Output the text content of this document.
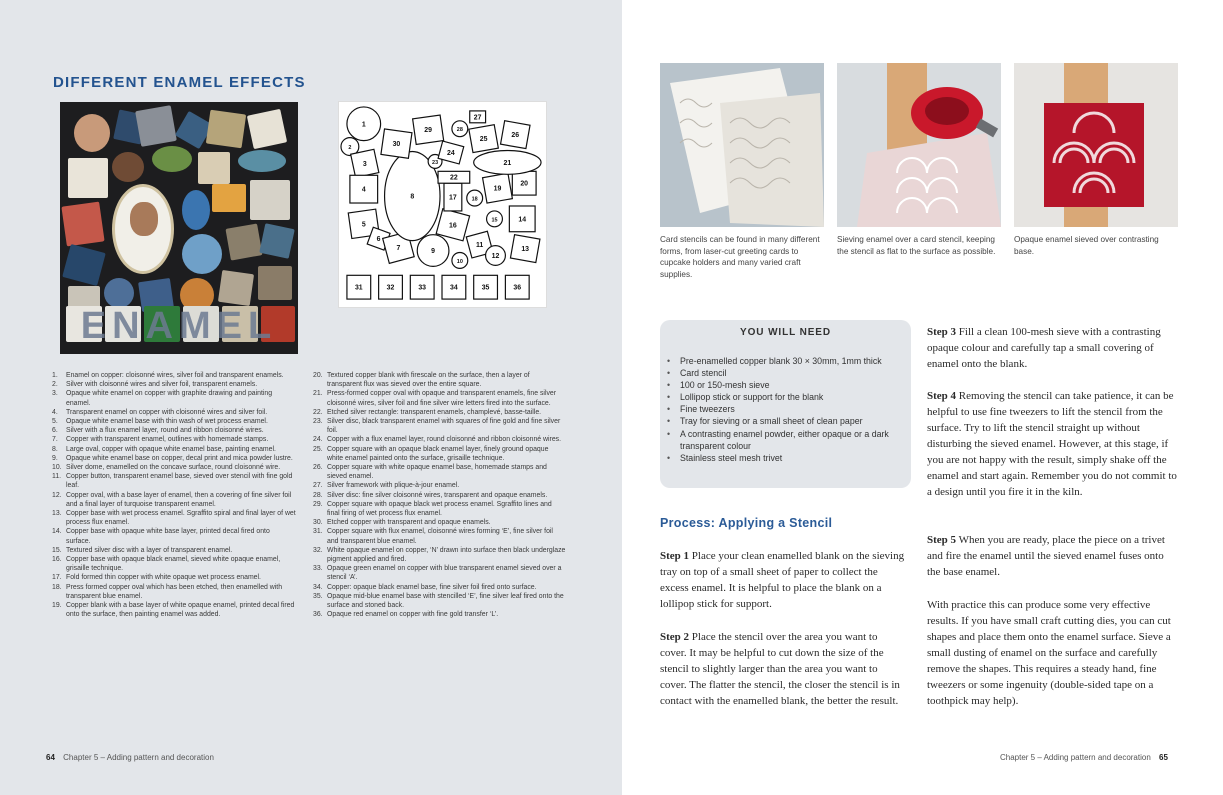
DIFFERENT ENAMEL EFFECTS
ENAMEL
1
2
3
4
5
6
7
8
9
10
11
12
13
14
15
16
17	18
19
20
21
22
23
24
25
26
27
28
29
30
31	32	33	34	35	36
1.	Enamel on copper: cloisonné wires, silver foil and transparent enamels.
2.	Silver with cloisonné wires and silver foil, transparent enamels.
3.	Opaque white enamel on copper with graphite drawing and painting enamel.
4.	Transparent enamel on copper with cloisonné wires and silver foil.
5.	Opaque white enamel base with thin wash of wet process enamel.
6.	Silver with a flux enamel layer, round and ribbon cloisonné wires.
7.	Copper with transparent enamel, outlines with homemade stamps.
8.	Large oval, copper with opaque white enamel base, painting enamel.
9.	Opaque white enamel base on copper, decal print and mica powder lustre.
10. Silver dome, enamelled on the concave surface, round cloisonné wire.
11. Copper button, transparent enamel base, sieved over stencil with fine gold leaf.
12. Copper oval, with a base layer of enamel, then a covering of fine silver foil and a final layer of turquoise transparent enamel.
13. Copper base with wet process enamel. Sgraffito spiral and final layer of wet process flux enamel.
14. Copper base with opaque white base layer, printed decal fired onto surface.
15. Textured silver disc with a layer of transparent enamel.
16. Copper base with opaque black enamel, sieved white opaque enamel, grisaille technique.
17. Fold formed thin copper with white opaque wet process enamel.
18. Press formed copper oval which has been etched, then enamelled with transparent blue enamel.
19. Copper blank with a base layer of white opaque enamel, printed decal fired onto the surface, then painting enamel was added.
20. Textured copper blank with firescale on the surface, then a layer of transparent flux was sieved over the entire square.
21. Press-formed copper oval with opaque and transparent enamels, fine silver cloisonné wires, silver foil and fine silver wire letters fired into the surface.
22. Etched silver rectangle: transparent enamels, champlevé, basse-taille.
23. Silver disc, black transparent enamel with squares of fine gold and fine silver foil.
24. Copper with a flux enamel layer, round cloisonné and ribbon cloisonné wires.
25. Copper square with an opaque black enamel layer, finely ground opaque white enamel painted onto the surface, grisaille technique.
26. Copper square with white opaque enamel base, homemade stamps and sieved enamel.
27. Silver framework with plique-à-jour enamel.
28. Silver disc: fine silver cloisonné wires, transparent and opaque enamels.
29. Copper square with opaque black wet process enamel. Sgraffito lines and final firing of wet process flux enamel.
30. Etched copper with transparent and opaque enamels.
31. Copper square with flux enamel, cloisonné wires forming ‘E’, fine silver foil and transparent blue enamel.
32. White opaque enamel on copper, ‘N’ drawn into surface then black underglaze pigment applied and fired.
33. Opaque green enamel on copper with blue transparent enamel sieved over a stencil ‘A’.
34. Copper: opaque black enamel base, fine silver foil fired onto surface.
35. Opaque mid-blue enamel base with stencilled ‘E’, fine silver leaf fired onto the surface and stoned back.
36. Opaque red enamel on copper with fine gold transfer ‘L’.
64 Chapter 5 – Adding pattern and decoration

Card stencils can be found in many different forms, from laser-cut greeting cards to cupcake holders and many varied craft supplies.

Sieving enamel over a card stencil, keeping the stencil as flat to the surface as possible.

Opaque enamel sieved over contrasting base.

YOU WILL NEED
• Pre-enamelled copper blank 30 × 30mm, 1mm thick
• Card stencil
• 100 or 150-mesh sieve
• Lollipop stick or support for the blank
• Fine tweezers
• Tray for sieving or a small sheet of clean paper
• A contrasting enamel powder, either opaque or a dark transparent colour
• Stainless steel mesh trivet
Process: Applying a Stencil

Step 1 Place your clean enamelled blank on the sieving tray on top of a small sheet of paper to collect the excess enamel. It is helpful to place the blank on a lollipop stick for support.

Step 2 Place the stencil over the area you want to cover. It may be helpful to cut down the size of the stencil to slightly larger than the area you want to cover. The flatter the stencil, the closer the stencil is in contact with the enamelled blank, the better the result.

Step 3 Fill a clean 100-mesh sieve with a contrasting opaque colour and carefully tap a small covering of enamel onto the blank.

Step 4 Removing the stencil can take patience, it can be helpful to use fine tweezers to lift the stencil from the surface. Try to lift the stencil straight up without disturbing the sieved enamel. However, at this stage, if you are not happy with the result, simply shake off the enamel and start again. Remember you do not commit to a design until you fire it in the kiln.

Step 5 When you are ready, place the piece on a trivet and fire the enamel until the sieved enamel fuses onto the base enamel.

With practice this can produce some very effective results. If you have small craft cutting dies, you can cut shapes and place them onto the enamel surface. Sieve a small dusting of enamel on the surface and carefully remove the shapes. This requires a steady hand, fine tweezers or some ingenuity (double-sided tape on a toothpick may help).

Chapter 5 – Adding pattern and decoration 65
